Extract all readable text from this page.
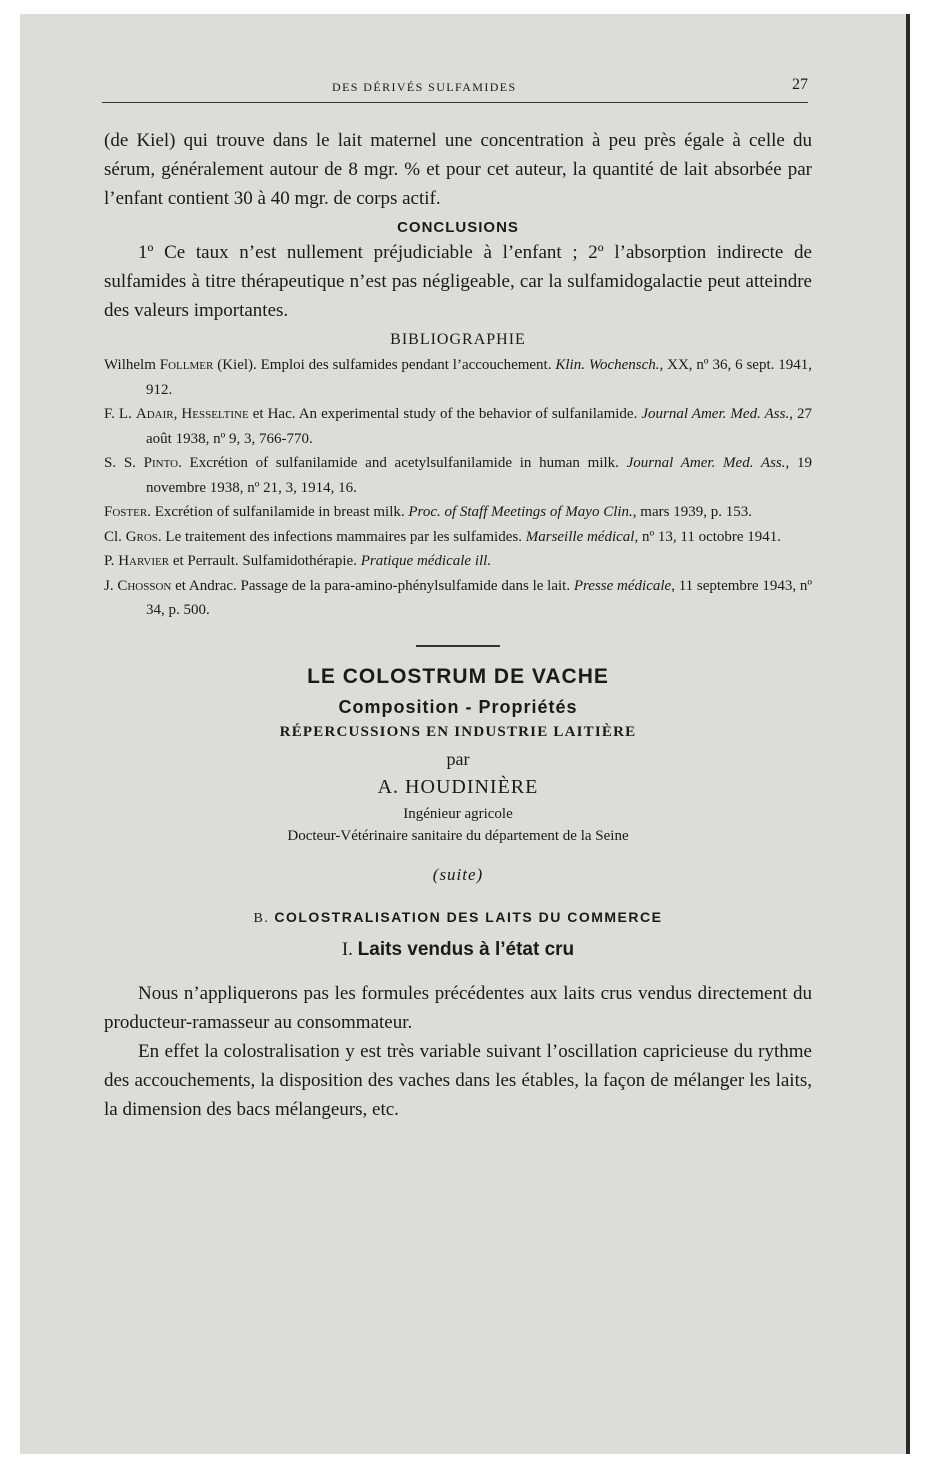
DES DÉRIVÉS SULFAMIDES	27

(de Kiel) qui trouve dans le lait maternel une concentration à peu près égale à celle du sérum, généralement autour de 8 mgr. % et pour cet auteur, la quantité de lait absorbée par l’enfant contient 30 à 40 mgr. de corps actif.

CONCLUSIONS

1º Ce taux n’est nullement préjudiciable à l’enfant ; 2º l’absorption indirecte de sulfamides à titre thérapeutique n’est pas négligeable, car la sulfamidogalactie peut atteindre des valeurs importantes.

BIBLIOGRAPHIE

Wilhelm Follmer (Kiel). Emploi des sulfamides pendant l’accouchement. Klin. Wochensch., XX, nº 36, 6 sept. 1941, 912.

F. L. Adair, Hesseltine et Hac. An experimental study of the behavior of sulfanilamide. Journal Amer. Med. Ass., 27 août 1938, nº 9, 3, 766-770.

S. S. Pinto. Excrétion of sulfanilamide and acetylsulfanilamide in human milk. Journal Amer. Med. Ass., 19 novembre 1938, nº 21, 3, 1914, 16.

Foster. Excrétion of sulfanilamide in breast milk. Proc. of Staff Meetings of Mayo Clin., mars 1939, p. 153.

Cl. Gros. Le traitement des infections mammaires par les sulfamides. Marseille médical, nº 13, 11 octobre 1941.

P. Harvier et Perrault. Sulfamidothérapie. Pratique médicale ill.

J. Chosson et Andrac. Passage de la para-amino-phénylsulfamide dans le lait. Presse médicale, 11 septembre 1943, nº 34, p. 500.

LE COLOSTRUM DE VACHE

Composition - Propriétés

RÉPERCUSSIONS EN INDUSTRIE LAITIÈRE

par

A. HOUDINIÈRE

Ingénieur agricole

Docteur-Vétérinaire sanitaire du département de la Seine

(suite)

B. COLOSTRALISATION DES LAITS DU COMMERCE

I. Laits vendus à l’état cru

Nous n’appliquerons pas les formules précédentes aux laits crus vendus directement du producteur-ramasseur au consommateur.

En effet la colostralisation y est très variable suivant l’oscillation capricieuse du rythme des accouchements, la disposition des vaches dans les étables, la façon de mélanger les laits, la dimension des bacs mélangeurs, etc.
